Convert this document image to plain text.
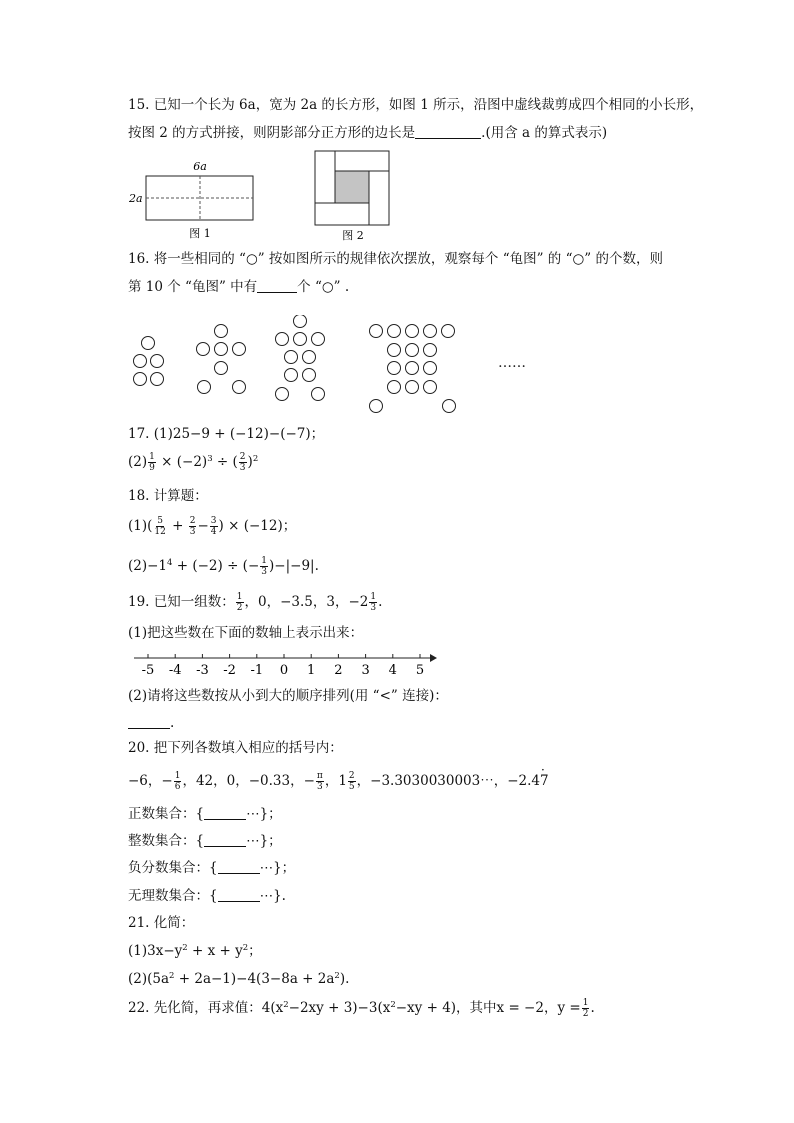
15. 已知一个长为 6a，宽为 2a 的长方形，如图 1 所示，沿图中虚线裁剪成四个相同的小长形，
按图 2 的方式拼接，则阴影部分正方形的边长是	.(用含 a 的算式表示)
6a
2a
图 1	图 2
16. 将一些相同的 “○” 按如图所示的规律依次摆放，观察每个 “龟图” 的 “○” 的个数，则
第 10 个 “龟图” 中有	个 “○” .
……
17. (1)25−9 + (−12)−(−7)；
$(2) \frac{1}{9} \times (-2)^3$ ÷ ( $\frac{2}{3} )^2$
18. 计算题：
$(1)( \frac{5}{12} + \frac{2}{3} - \frac{3}{4}$ ) × (−12)；
$(2)-1^4 + (-2)$ ÷ (− $\frac{1}{3} )-|-9|$.
19. 已知一组数： $\frac{1}{2}$ ，0，−3.5，3，$-2 \frac{1}{3}$ .
(1)把这些数在下面的数轴上表示出来：
-5 -4 -3 -2 -1 0 1 2 3 4 5
(2)请将这些数按从小到大的顺序排列(用 “<” 连接)：
.
20. 把下列各数填入相应的括号内：
−6，− $\frac{1}{6}$ ，42，0，−0.33，− $\frac{\pi}{3}$ ，$1 \frac{2}{5}$ ，−3.3030030003⋯，−2.4· 7
正数集合：{	⋯}；
整数集合：{	⋯}；
负分数集合：{	⋯}；
无理数集合：{	⋯}.
21. 化简：
$(1)3x-y^2 + x + y^2$；
$(2)(5a^2 + 2a-1)-4(3-8a + 2a^2)$.
22. 先化简，再求值：$4(x^2-2xy + 3)-3(x^2-xy + 4)$，其中x = −2，$y = \frac{1}{2}$ .
